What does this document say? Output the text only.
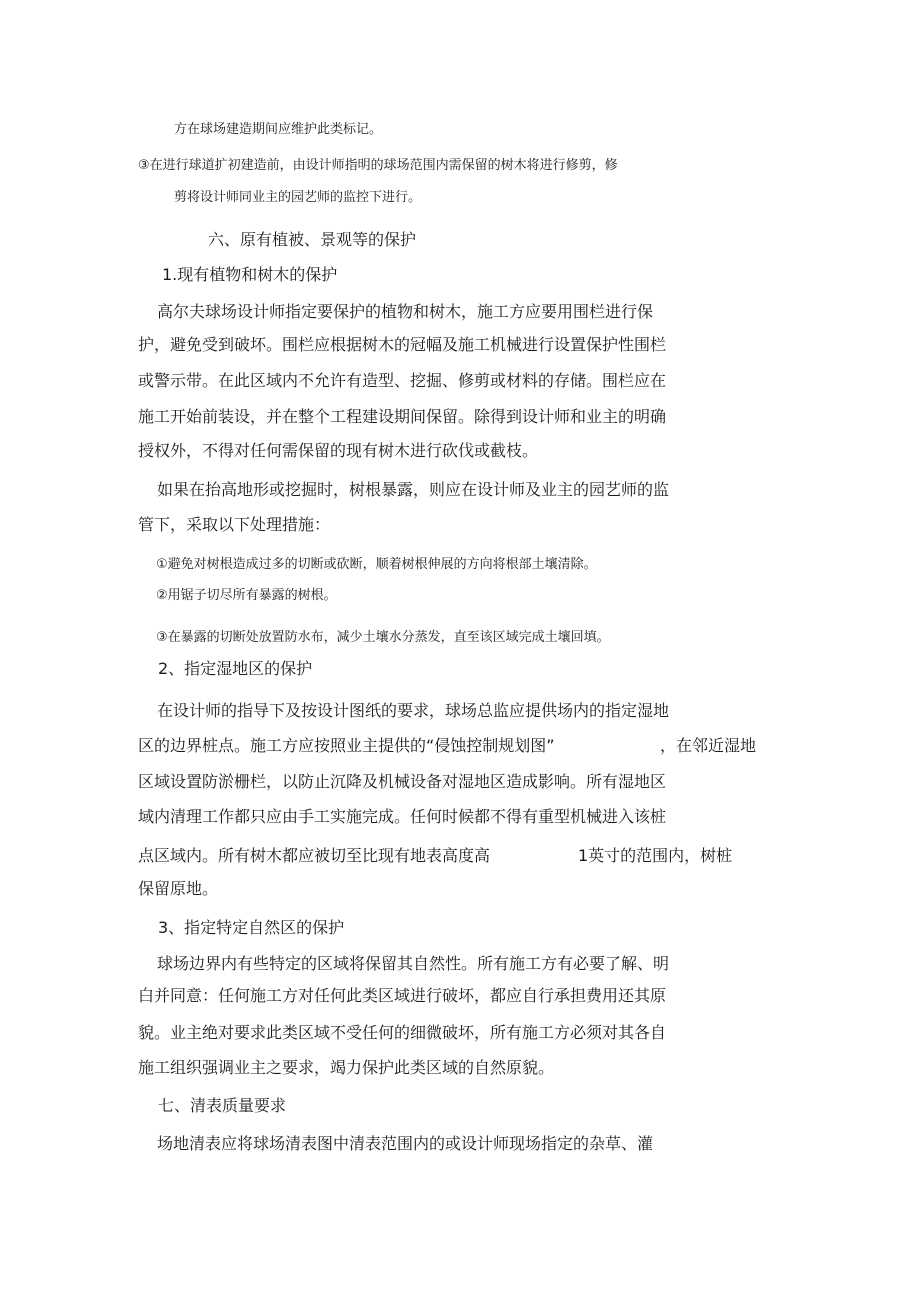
方在球场建造期间应维护此类标记。
③在进行球道扩初建造前，由设计师指明的球场范围内需保留的树木将进行修剪，修
剪将设计师同业主的园艺师的监控下进行。
六、原有植被、景观等的保护
1.现有植物和树木的保护
高尔夫球场设计师指定要保护的植物和树木，施工方应要用围栏进行保
护，避免受到破坏。围栏应根据树木的冠幅及施工机械进行设置保护性围栏
或警示带。在此区域内不允许有造型、挖掘、修剪或材料的存储。围栏应在
施工开始前装设，并在整个工程建设期间保留。除得到设计师和业主的明确
授权外，不得对任何需保留的现有树木进行砍伐或截枝。
如果在抬高地形或挖掘时，树根暴露，则应在设计师及业主的园艺师的监
管下，采取以下处理措施：
①避免对树根造成过多的切断或砍断，顺着树根伸展的方向将根部土壤清除。
②用锯子切尽所有暴露的树根。
③在暴露的切断处放置防水布，减少土壤水分蒸发，直至该区域完成土壤回填。
2、指定湿地区的保护
在设计师的指导下及按设计图纸的要求，球场总监应提供场内的指定湿地
区的边界桩点。施工方应按照业主提供的“侵蚀控制规划图”	，在邻近湿地
区域设置防淤栅栏，以防止沉降及机械设备对湿地区造成影响。所有湿地区
域内清理工作都只应由手工实施完成。任何时候都不得有重型机械进入该桩
点区域内。所有树木都应被切至比现有地表高度高	1英寸的范围内，树桩
保留原地。
3、指定特定自然区的保护
球场边界内有些特定的区域将保留其自然性。所有施工方有必要了解、明
白并同意：任何施工方对任何此类区域进行破坏，都应自行承担费用还其原
貌。业主绝对要求此类区域不受任何的细微破坏，所有施工方必须对其各自
施工组织强调业主之要求，竭力保护此类区域的自然原貌。
七、清表质量要求
场地清表应将球场清表图中清表范围内的或设计师现场指定的杂草、灌
